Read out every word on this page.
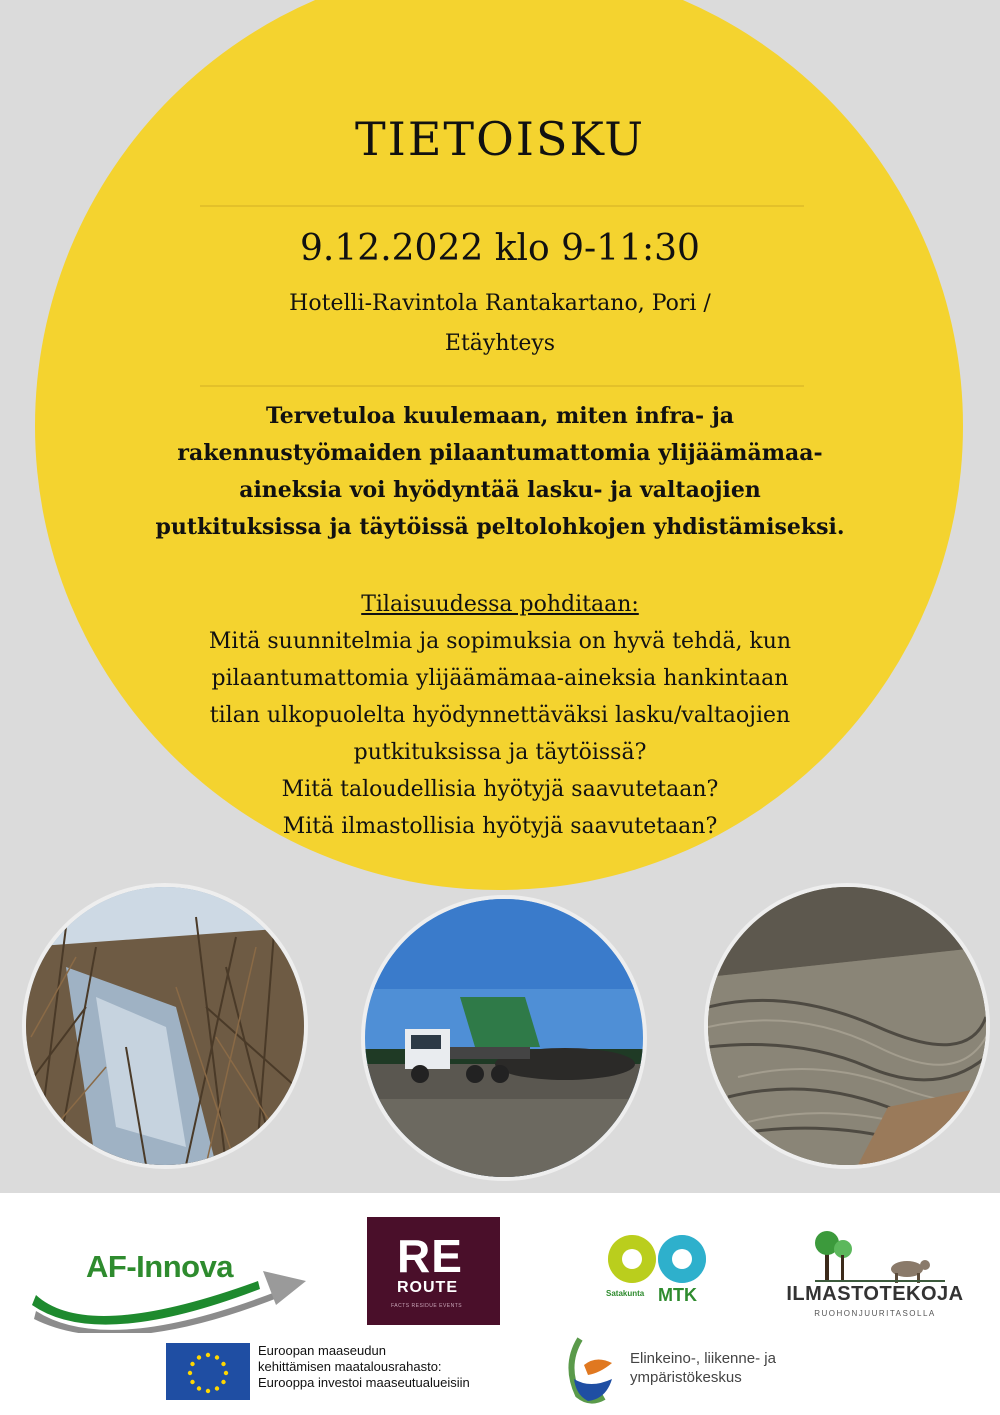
TIETOISKU
9.12.2022 klo 9-11:30
Hotelli-Ravintola Rantakartano, Pori /
Etäyhteys
Tervetuloa kuulemaan, miten infra- ja
rakennustyömaiden pilaantumattomia ylijäämämaa-
aineksia voi hyödyntää lasku- ja valtaojien
putkituksissa ja täytöissä peltolohkojen yhdistämiseksi.
Tilaisuudessa pohditaan:
Mitä suunnitelmia ja sopimuksia on hyvä tehdä, kun
pilaantumattomia ylijäämämaa-aineksia hankintaan
tilan ulkopuolelta hyödynnettäväksi lasku/valtaojien
putkituksissa ja täytöissä?
Mitä taloudellisia hyötyjä saavutetaan?
Mitä ilmastollisia hyötyjä saavutetaan?
AF-Innova	RE
ROUTE
FACTS RESIDUE EVENTS
Satakunta MTK	ILMASTOTEKOJA
RUOHONJUURITASOLLA
Euroopan maaseudun
kehittämisen maatalousrahasto:
Eurooppa investoi maaseutualueisiin
Elinkeino-, liikenne- ja
ympäristökeskus
